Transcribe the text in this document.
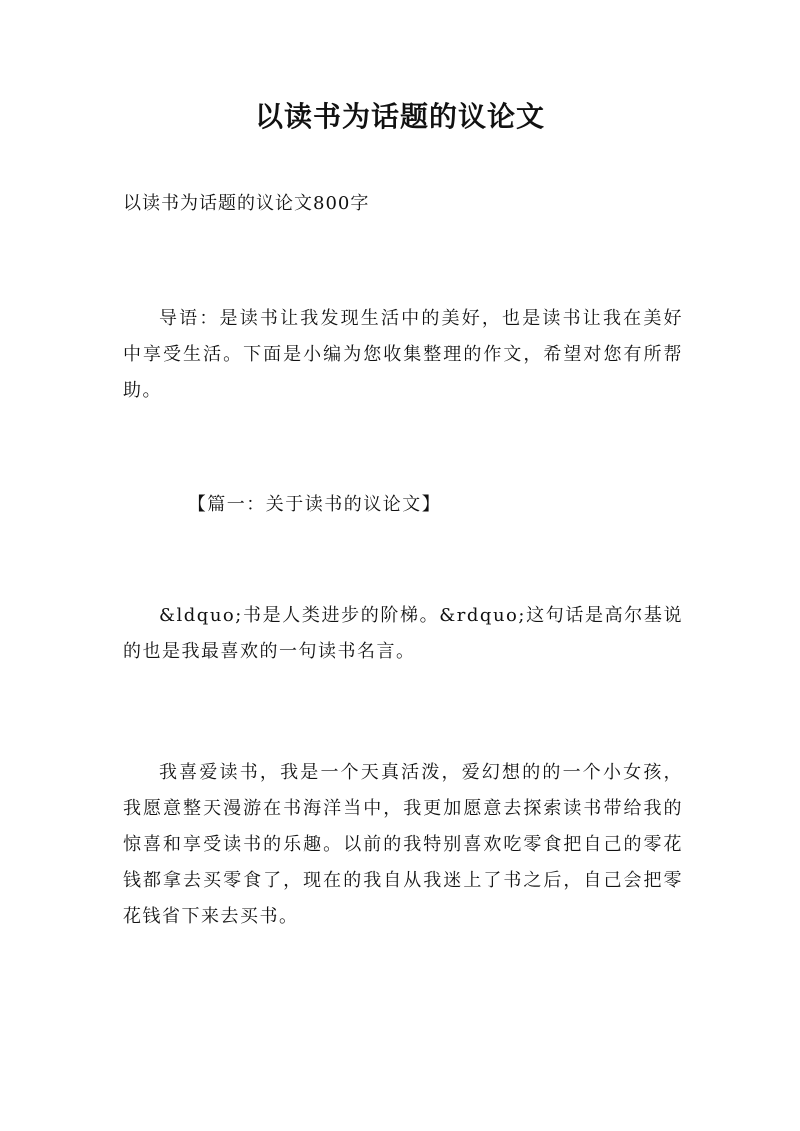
以读书为话题的议论文
以读书为话题的议论文800字
导语：是读书让我发现生活中的美好，也是读书让我在美好中享受生活。下面是小编为您收集整理的作文，希望对您有所帮助。
【篇一：关于读书的议论文】
&ldquo;书是人类进步的阶梯。&rdquo;这句话是高尔基说的也是我最喜欢的一句读书名言。
我喜爱读书，我是一个天真活泼，爱幻想的的一个小女孩，我愿意整天漫游在书海洋当中，我更加愿意去探索读书带给我的惊喜和享受读书的乐趣。以前的我特别喜欢吃零食把自己的零花钱都拿去买零食了，现在的我自从我迷上了书之后，自己会把零花钱省下来去买书。
